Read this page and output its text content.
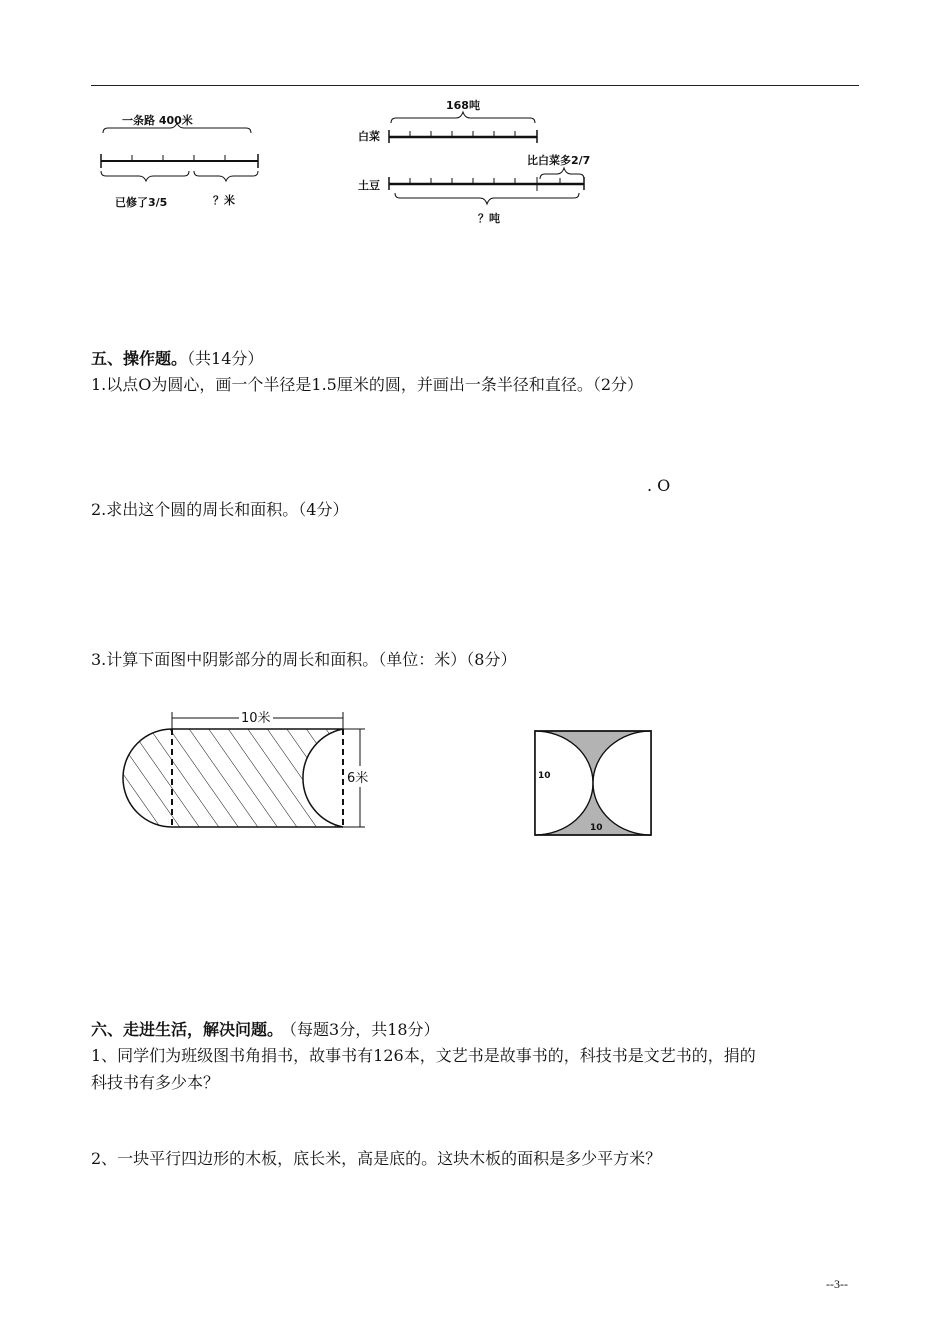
一条路 400米
已修了3/5	？米
168吨
白菜
比白菜多2/7
土豆
？吨
五、操作题。（共14分）
1.以点O为圆心，画一个半径是1.5厘米的圆，并画出一条半径和直径。（2分）
. O
2.求出这个圆的周长和面积。（4分）
3.计算下面图中阴影部分的周长和面积。（单位：米）（8分）
10米
6米	10
10
六、走进生活，解决问题。 （每题3分，共18分）
1、同学们为班级图书角捐书，故事书有126本，文艺书是故事书的，科技书是文艺书的，捐的
科技书有多少本？
2、一块平行四边形的木板，底长米，高是底的。这块木板的面积是多少平方米？
--3--
